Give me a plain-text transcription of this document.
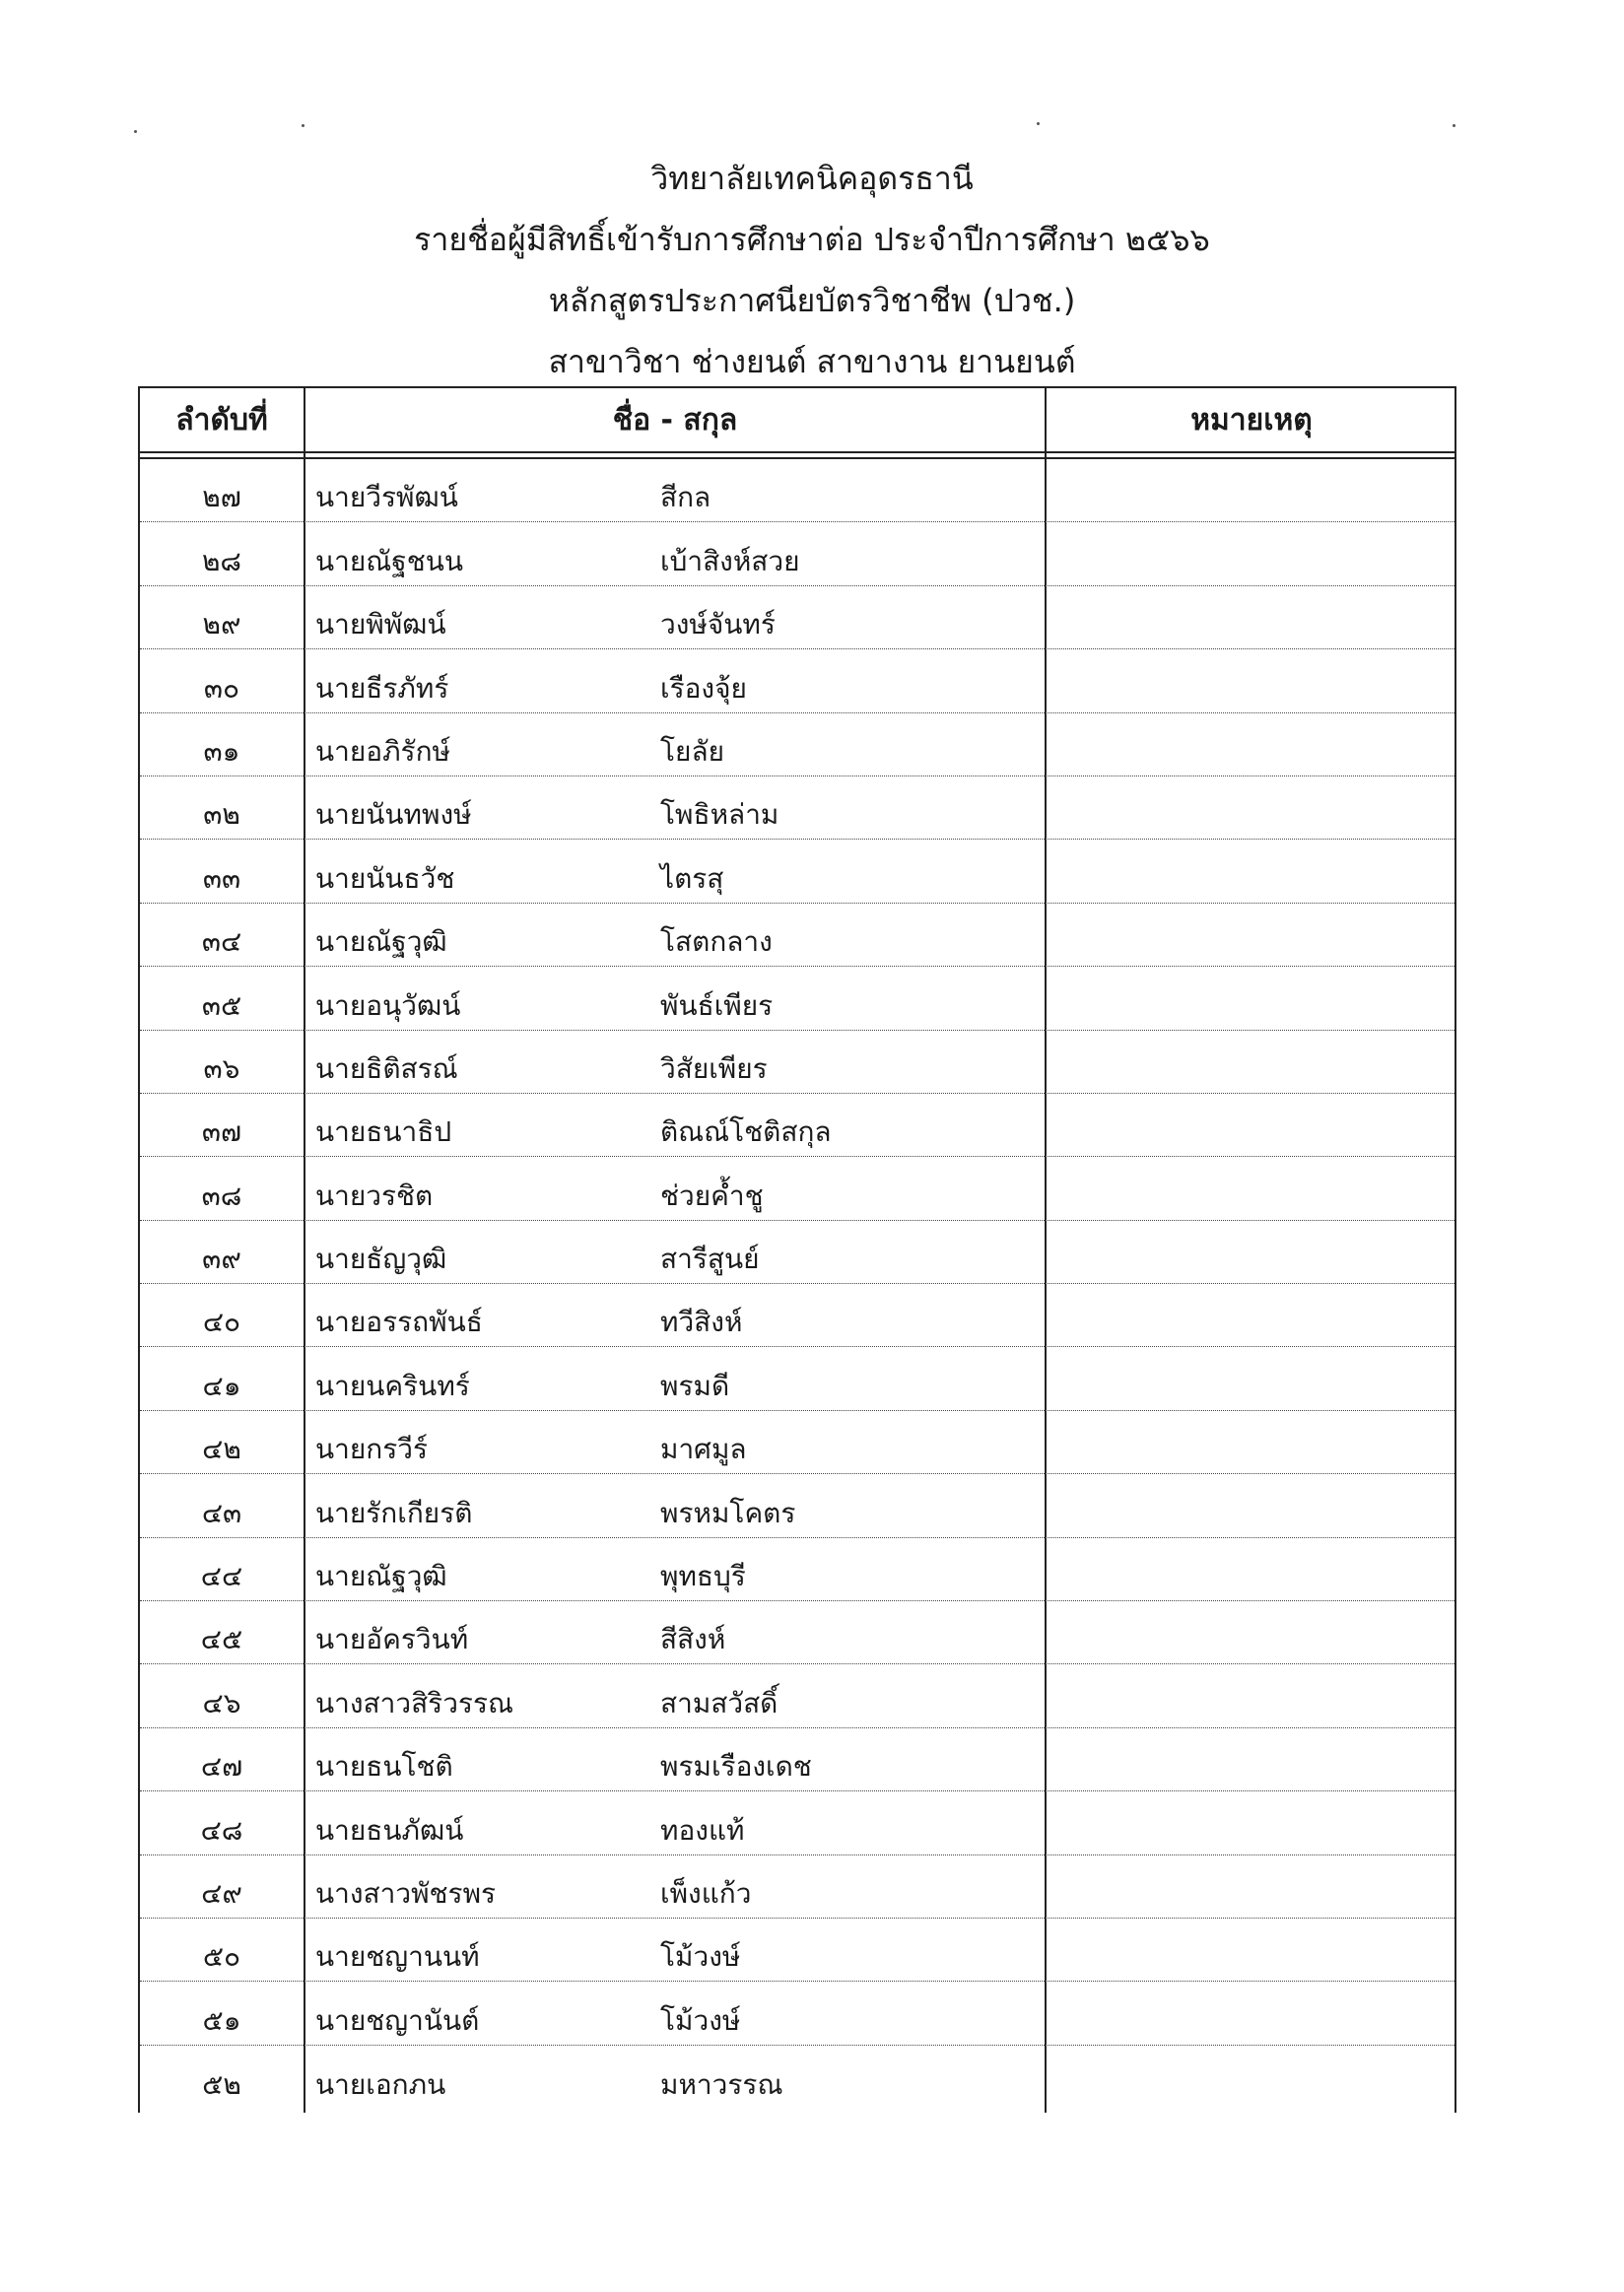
วิทยาลัยเทคนิคอุดรธานี
รายชื่อผู้มีสิทธิ์เข้ารับการศึกษาต่อ ประจำปีการศึกษา ๒๕๖๖
หลักสูตรประกาศนียบัตรวิชาชีพ (ปวช.)
สาขาวิชา ช่างยนต์ สาขางาน ยานยนต์
ลำดับที่	ชื่อ - สกุล	หมายเหตุ
๒๗	นายวีรพัฒน์	สีกล
๒๘	นายณัฐชนน	เบ้าสิงห์สวย
๒๙	นายพิพัฒน์	วงษ์จันทร์
๓๐	นายธีรภัทร์	เรืองจุ้ย
๓๑	นายอภิรักษ์	โยลัย
๓๒	นายนันทพงษ์	โพธิหล่าม
๓๓	นายนันธวัช	ไตรสุ
๓๔	นายณัฐวุฒิ	โสตกลาง
๓๕	นายอนุวัฒน์	พันธ์เพียร
๓๖	นายธิติสรณ์	วิสัยเพียร
๓๗	นายธนาธิป	ติณณ์โชติสกุล
๓๘	นายวรชิต	ช่วยค้ำชู
๓๙	นายธัญวุฒิ	สารีสูนย์
๔๐	นายอรรถพันธ์	ทวีสิงห์
๔๑	นายนครินทร์	พรมดี
๔๒	นายกรวีร์	มาศมูล
๔๓	นายรักเกียรติ	พรหมโคตร
๔๔	นายณัฐวุฒิ	พุทธบุรี
๔๕	นายอัครวินท์	สีสิงห์
๔๖	นางสาวสิริวรรณ	สามสวัสดิ์
๔๗	นายธนโชติ	พรมเรืองเดช
๔๘	นายธนภัฒน์	ทองแท้
๔๙	นางสาวพัชรพร	เพ็งแก้ว
๕๐	นายชญานนท์	โม้วงษ์
๕๑	นายชญานันต์	โม้วงษ์
๕๒	นายเอกภน	มหาวรรณ
